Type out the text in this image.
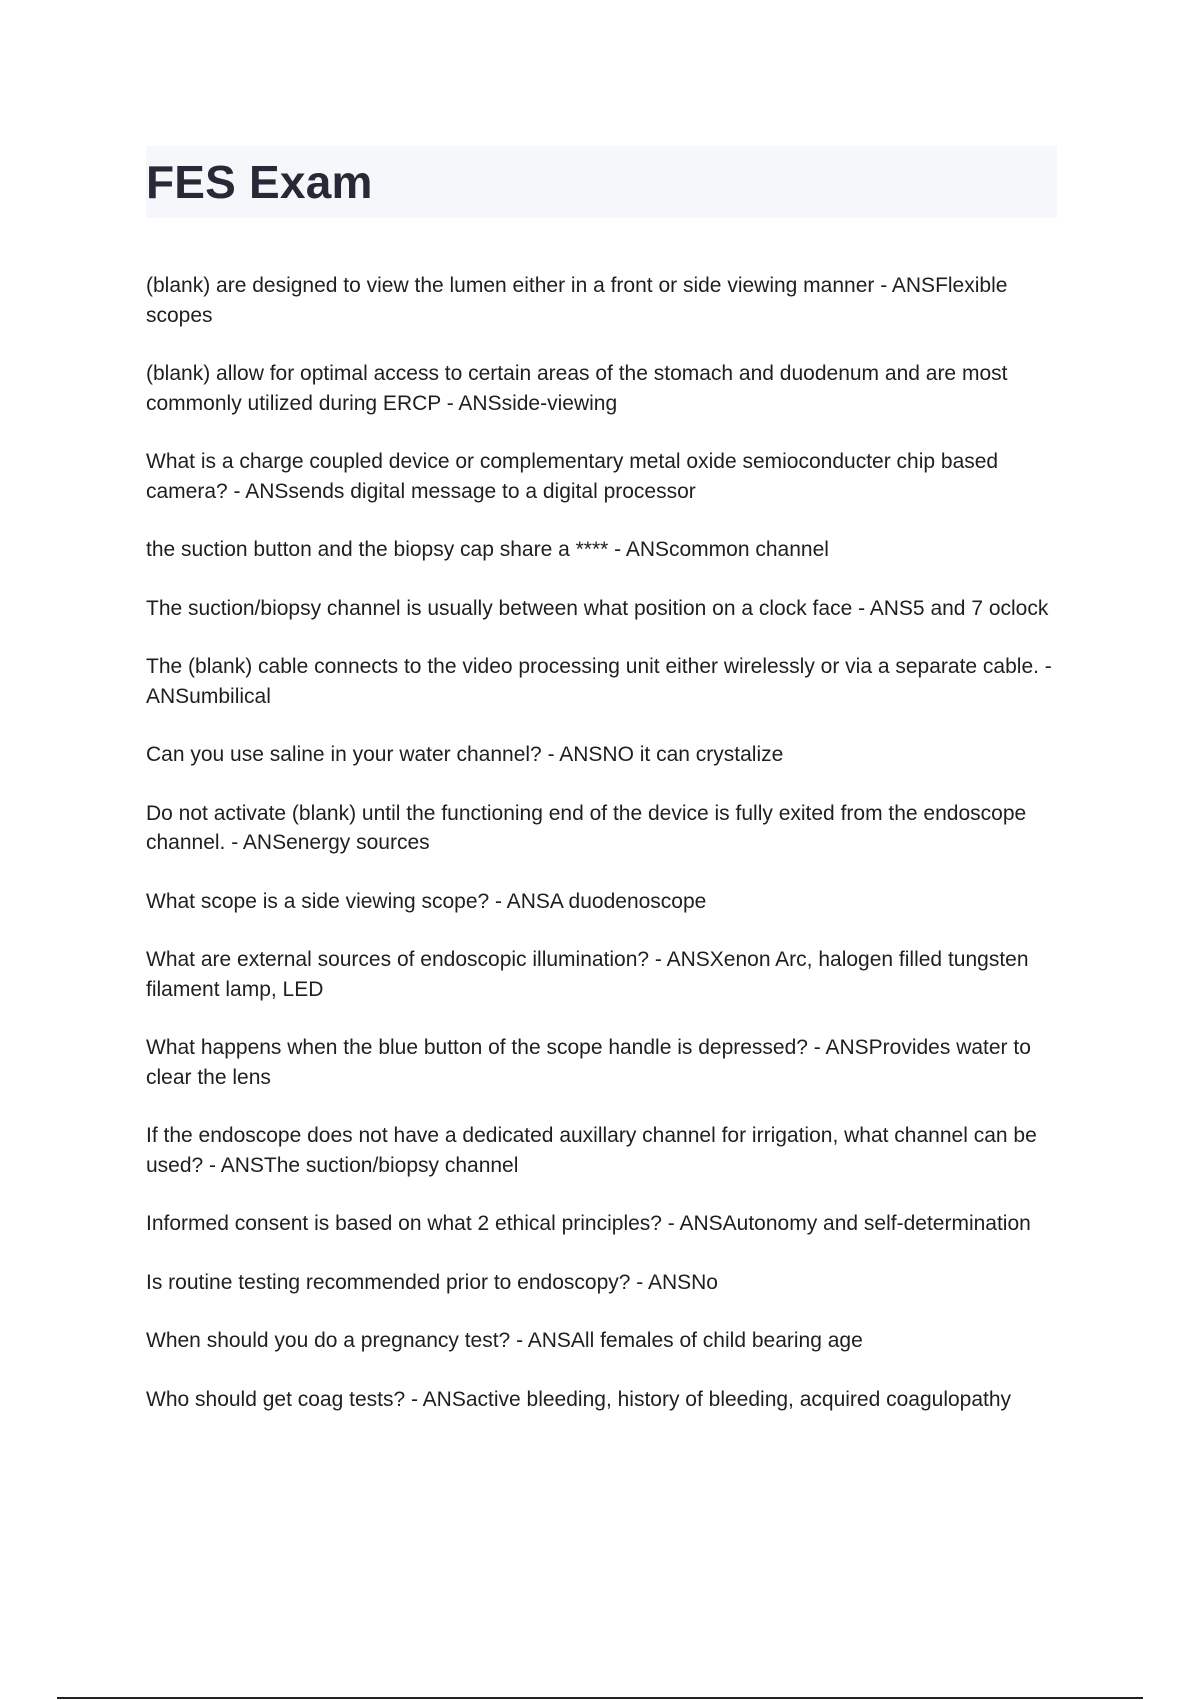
FES Exam
(blank) are designed to view the lumen either in a front or side viewing manner - ANSFlexible scopes
(blank) allow for optimal access to certain areas of the stomach and duodenum and are most commonly utilized during ERCP - ANSside-viewing
What is a charge coupled device or complementary metal oxide semioconducter chip based camera? - ANSsends digital message to a digital processor
the suction button and the biopsy cap share a **** - ANScommon channel
The suction/biopsy channel is usually between what position on a clock face - ANS5 and 7 oclock
The (blank) cable connects to the video processing unit either wirelessly or via a separate cable. - ANSumbilical
Can you use saline in your water channel? - ANSNO it can crystalize
Do not activate (blank) until the functioning end of the device is fully exited from the endoscope channel. - ANSenergy sources
What scope is a side viewing scope? - ANSA duodenoscope
What are external sources of endoscopic illumination? - ANSXenon Arc, halogen filled tungsten filament lamp, LED
What happens when the blue button of the scope handle is depressed? - ANSProvides water to clear the lens
If the endoscope does not have a dedicated auxillary channel for irrigation, what channel can be used? - ANSThe suction/biopsy channel
Informed consent is based on what 2 ethical principles? - ANSAutonomy and self-determination
Is routine testing recommended prior to endoscopy? - ANSNo
When should you do a pregnancy test? - ANSAll females of child bearing age
Who should get coag tests? - ANSactive bleeding, history of bleeding, acquired coagulopathy
